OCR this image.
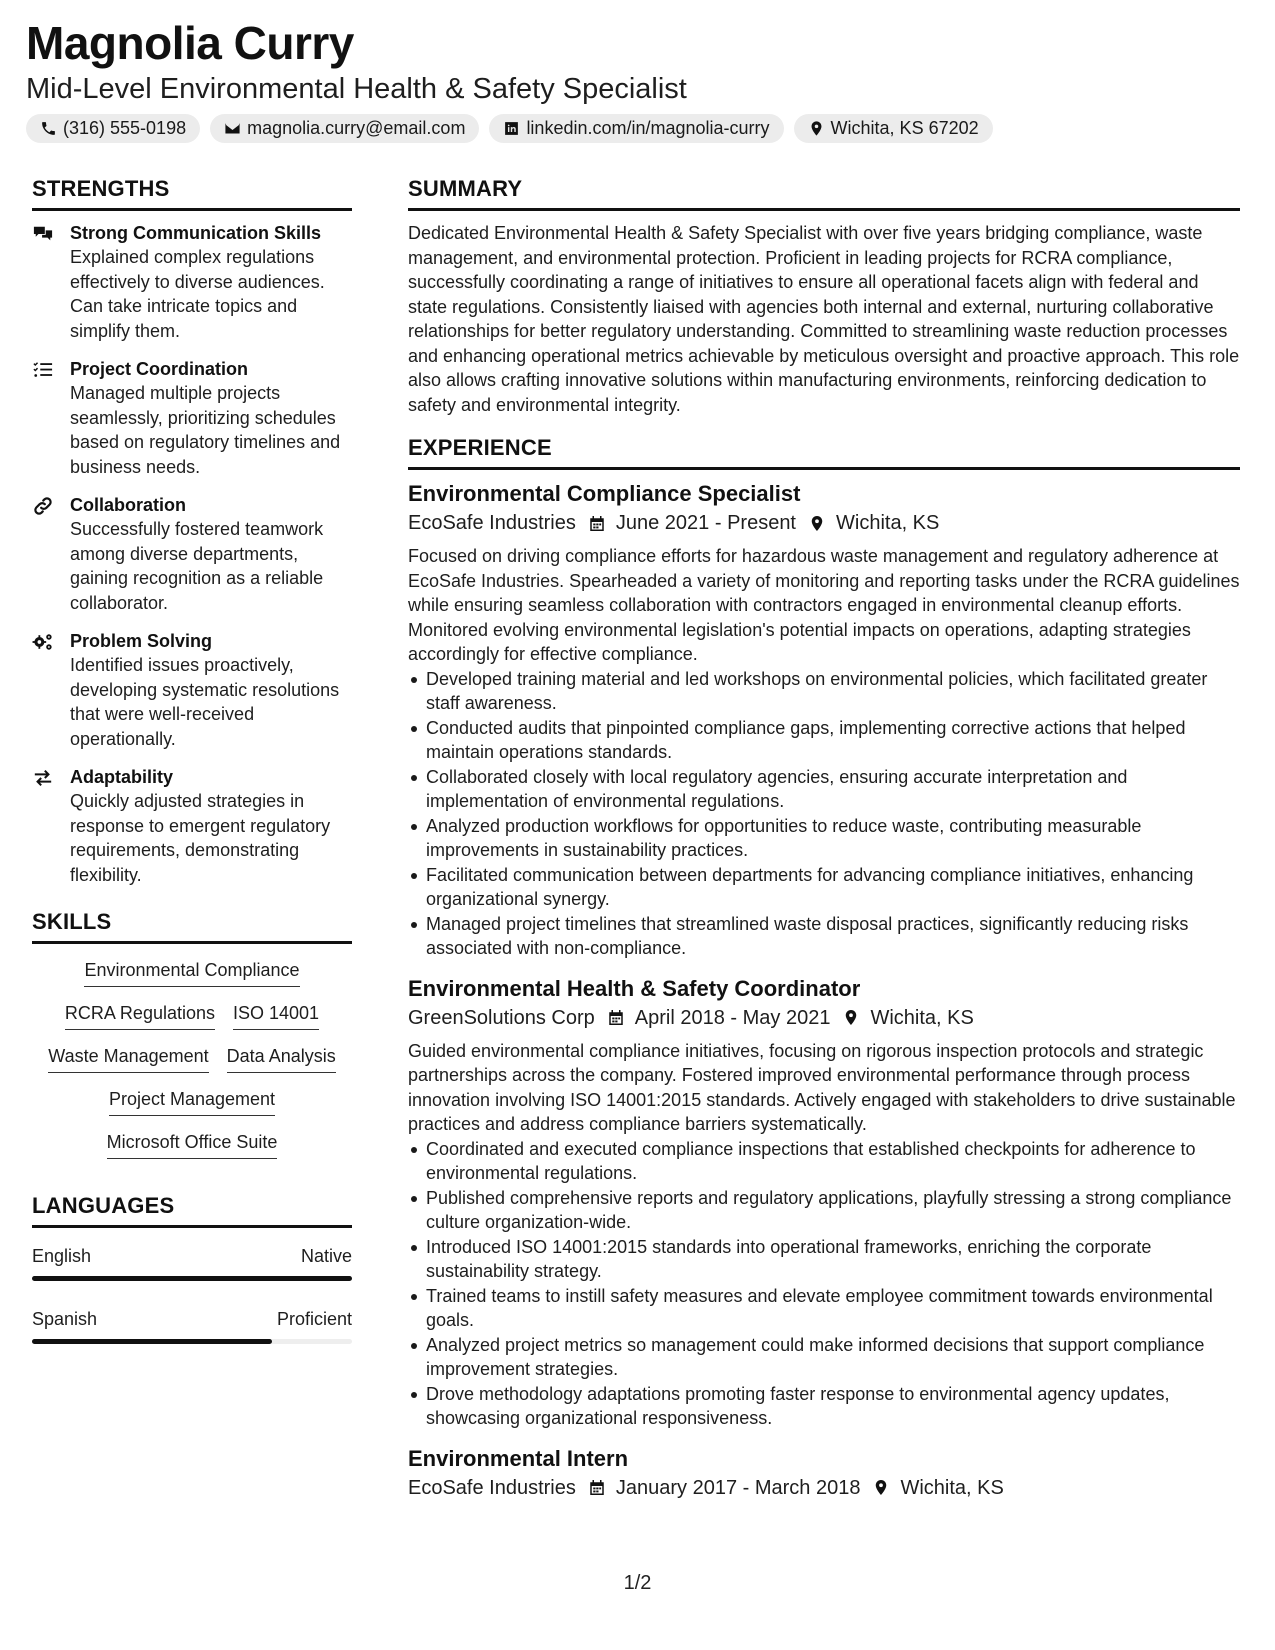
Magnolia Curry
Mid-Level Environmental Health & Safety Specialist
(316) 555-0198	magnolia.curry@email.com	linkedin.com/in/magnolia-curry	Wichita, KS 67202
STRENGTHS
Strong Communication Skills
Explained complex regulations effectively to diverse audiences. Can take intricate topics and simplify them.
Project Coordination
Managed multiple projects seamlessly, prioritizing schedules based on regulatory timelines and business needs.
Collaboration
Successfully fostered teamwork among diverse departments, gaining recognition as a reliable collaborator.
Problem Solving
Identified issues proactively, developing systematic resolutions that were well-received operationally.
Adaptability
Quickly adjusted strategies in response to emergent regulatory requirements, demonstrating flexibility.
SKILLS
Environmental Compliance
RCRA Regulations ISO 14001
Waste Management Data Analysis
Project Management
Microsoft Office Suite
LANGUAGES
English	Native
Spanish	Proficient
SUMMARY
Dedicated Environmental Health & Safety Specialist with over five years bridging compliance, waste management, and environmental protection. Proficient in leading projects for RCRA compliance, successfully coordinating a range of initiatives to ensure all operational facets align with federal and state regulations. Consistently liaised with agencies both internal and external, nurturing collaborative relationships for better regulatory understanding. Committed to streamlining waste reduction processes and enhancing operational metrics achievable by meticulous oversight and proactive approach. This role also allows crafting innovative solutions within manufacturing environments, reinforcing dedication to safety and environmental integrity.
EXPERIENCE
Environmental Compliance Specialist
EcoSafe Industries June 2021 - Present Wichita, KS
Focused on driving compliance efforts for hazardous waste management and regulatory adherence at EcoSafe Industries. Spearheaded a variety of monitoring and reporting tasks under the RCRA guidelines while ensuring seamless collaboration with contractors engaged in environmental cleanup efforts. Monitored evolving environmental legislation's potential impacts on operations, adapting strategies accordingly for effective compliance.
Developed training material and led workshops on environmental policies, which facilitated greater staff awareness.
Conducted audits that pinpointed compliance gaps, implementing corrective actions that helped maintain operations standards.
Collaborated closely with local regulatory agencies, ensuring accurate interpretation and implementation of environmental regulations.
Analyzed production workflows for opportunities to reduce waste, contributing measurable improvements in sustainability practices.
Facilitated communication between departments for advancing compliance initiatives, enhancing organizational synergy.
Managed project timelines that streamlined waste disposal practices, significantly reducing risks associated with non-compliance.
Environmental Health & Safety Coordinator
GreenSolutions Corp April 2018 - May 2021 Wichita, KS
Guided environmental compliance initiatives, focusing on rigorous inspection protocols and strategic partnerships across the company. Fostered improved environmental performance through process innovation involving ISO 14001:2015 standards. Actively engaged with stakeholders to drive sustainable practices and address compliance barriers systematically.
Coordinated and executed compliance inspections that established checkpoints for adherence to environmental regulations.
Published comprehensive reports and regulatory applications, playfully stressing a strong compliance culture organization-wide.
Introduced ISO 14001:2015 standards into operational frameworks, enriching the corporate sustainability strategy.
Trained teams to instill safety measures and elevate employee commitment towards environmental goals.
Analyzed project metrics so management could make informed decisions that support compliance improvement strategies.
Drove methodology adaptations promoting faster response to environmental agency updates, showcasing organizational responsiveness.
Environmental Intern
EcoSafe Industries January 2017 - March 2018 Wichita, KS
1/2
